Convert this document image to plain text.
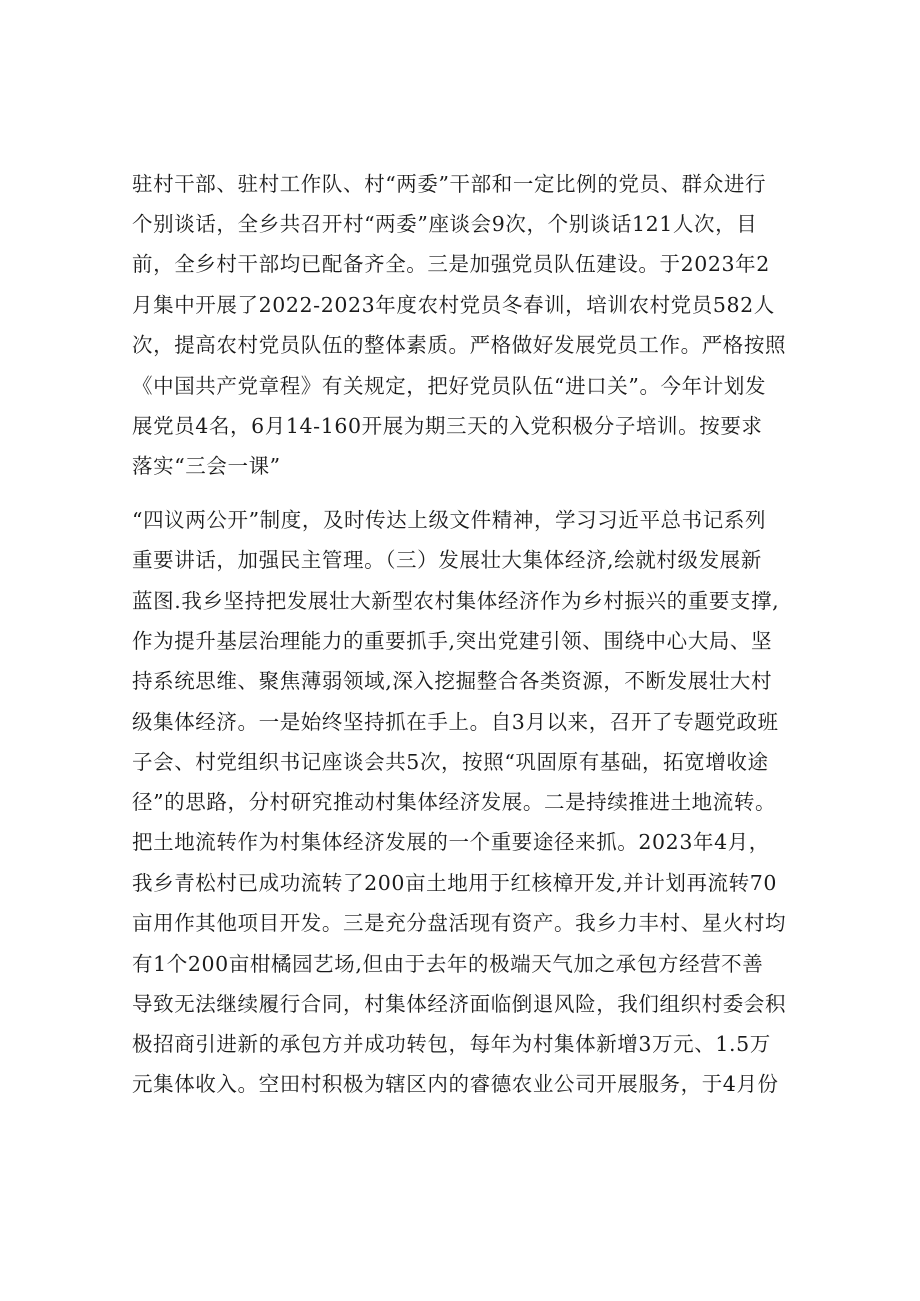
驻村干部、驻村工作队、村“两委”干部和一定比例的党员、群众进行
个别谈话，全乡共召开村“两委”座谈会9次，个别谈话121人次，目
前，全乡村干部均已配备齐全。三是加强党员队伍建设。于2023年2
月集中开展了2022-2023年度农村党员冬春训，培训农村党员582人
次，提高农村党员队伍的整体素质。严格做好发展党员工作。严格按照
《中国共产党章程》有关规定，把好党员队伍“进口关”。今年计划发
展党员4名，6月14-160开展为期三天的入党积极分子培训。按要求
落实“三会一课”
“四议两公开”制度，及时传达上级文件精神，学习习近平总书记系列
重要讲话，加强民主管理。（三）发展壮大集体经济,绘就村级发展新
蓝图.我乡坚持把发展壮大新型农村集体经济作为乡村振兴的重要支撑,
作为提升基层治理能力的重要抓手,突出党建引领、围绕中心大局、坚
持系统思维、聚焦薄弱领域,深入挖掘整合各类资源，不断发展壮大村
级集体经济。一是始终坚持抓在手上。自3月以来，召开了专题党政班
子会、村党组织书记座谈会共5次，按照“巩固原有基础，拓宽增收途
径”的思路，分村研究推动村集体经济发展。二是持续推进土地流转。
把土地流转作为村集体经济发展的一个重要途径来抓。2023年4月，
我乡青松村已成功流转了200亩土地用于红核樟开发,并计划再流转70
亩用作其他项目开发。三是充分盘活现有资产。我乡力丰村、星火村均
有1个200亩柑橘园艺场,但由于去年的极端天气加之承包方经营不善
导致无法继续履行合同，村集体经济面临倒退风险，我们组织村委会积
极招商引进新的承包方并成功转包，每年为村集体新增3万元、1.5万
元集体收入。空田村积极为辖区内的睿德农业公司开展服务，于4月份
